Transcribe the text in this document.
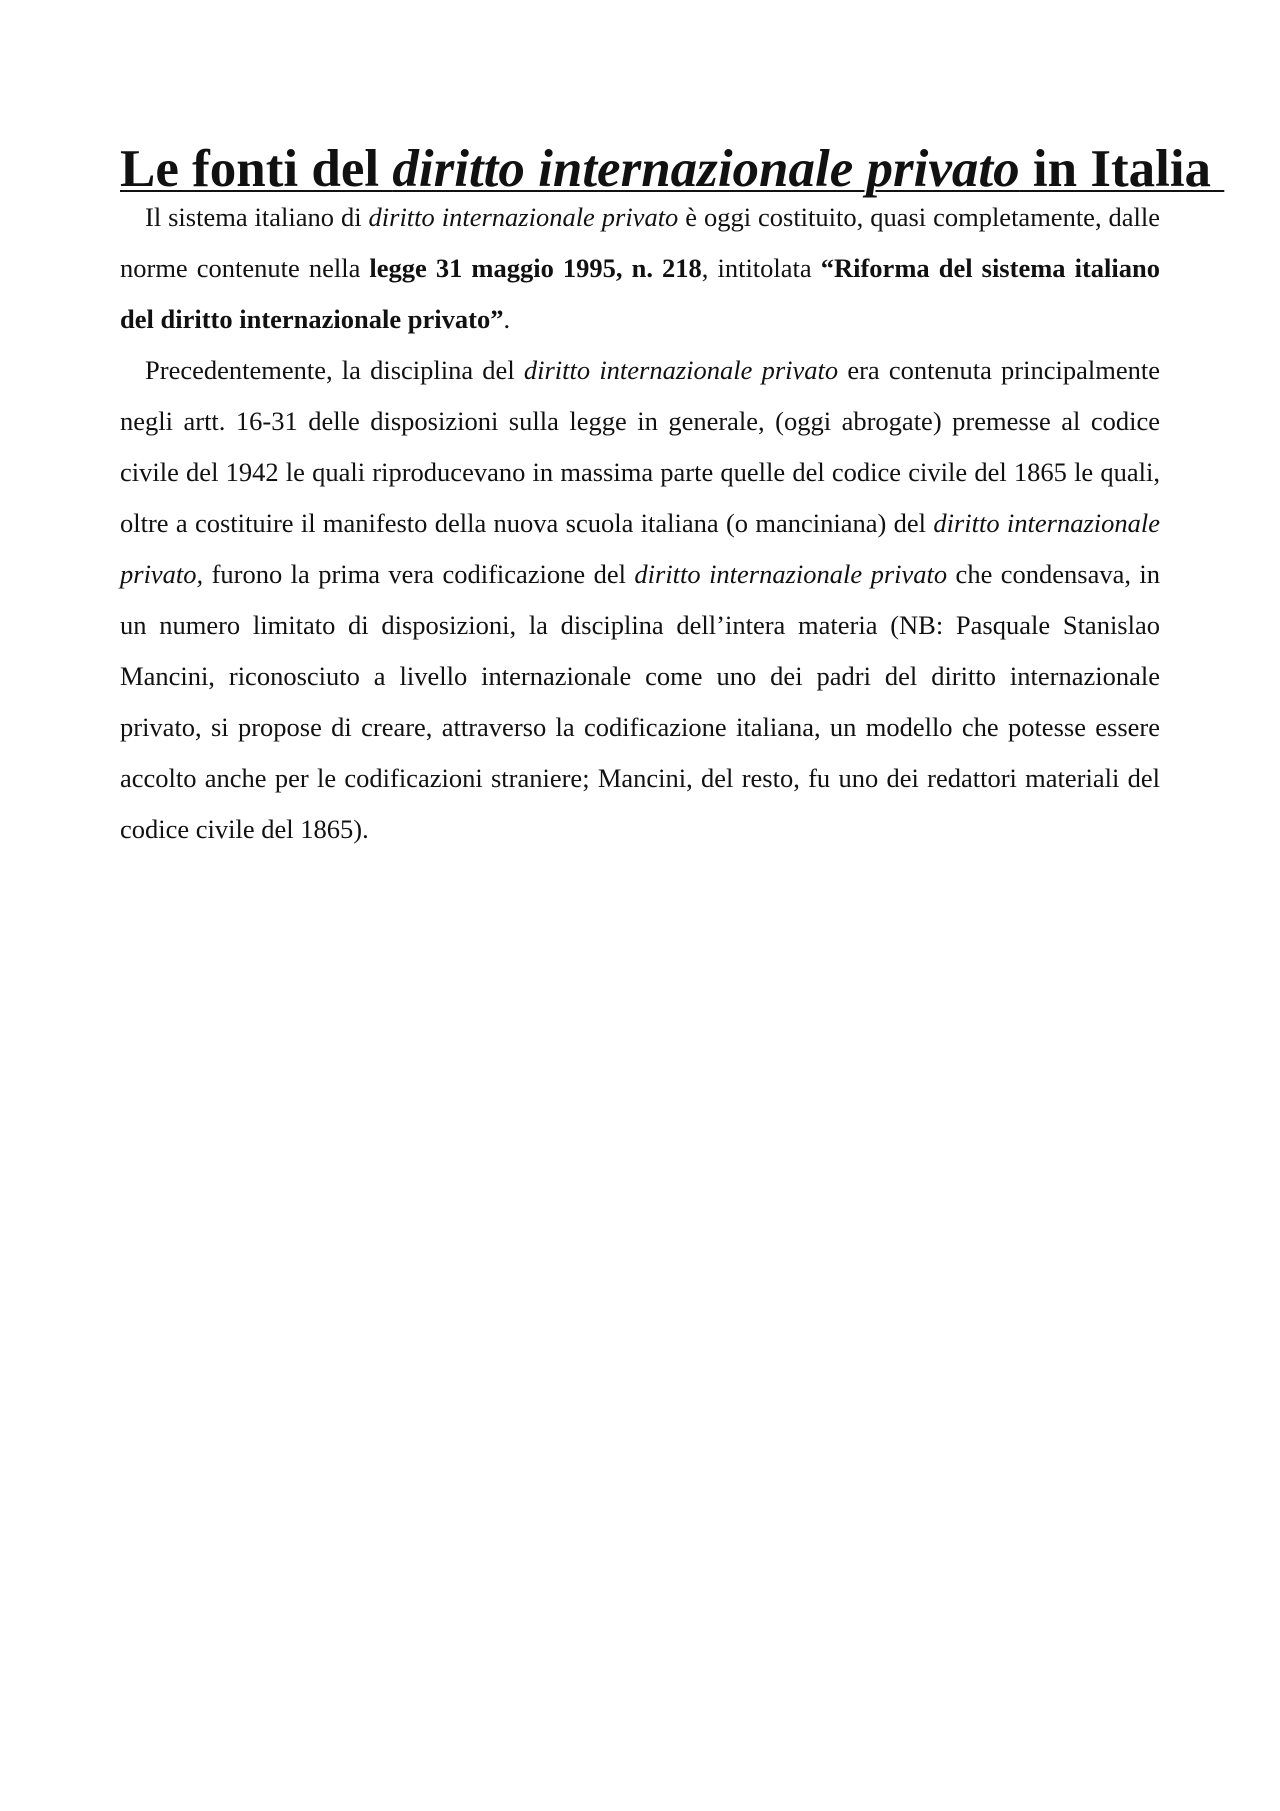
Le fonti del diritto internazionale privato in Italia

Il sistema italiano di diritto internazionale privato è oggi costituito, quasi completamente, dalle norme contenute nella legge 31 maggio 1995, n. 218, intitolata “Riforma del sistema italiano del diritto internazionale privato”.

Precedentemente, la disciplina del diritto internazionale privato era contenuta principalmente negli artt. 16-31 delle disposizioni sulla legge in generale, (oggi abrogate) premesse al codice civile del 1942 le quali riproducevano in massima parte quelle del codice civile del 1865 le quali, oltre a costituire il manifesto della nuova scuola italiana (o manciniana) del diritto internazionale privato, furono la prima vera codificazione del diritto internazionale privato che condensava, in un numero limitato di disposizioni, la disciplina dell’intera materia (NB: Pasquale Stanislao Mancini, riconosciuto a livello internazionale come uno dei padri del diritto internazionale privato, si propose di creare, attraverso la codificazione italiana, un modello che potesse essere accolto anche per le codificazioni straniere; Mancini, del resto, fu uno dei redattori materiali del codice civile del 1865).
